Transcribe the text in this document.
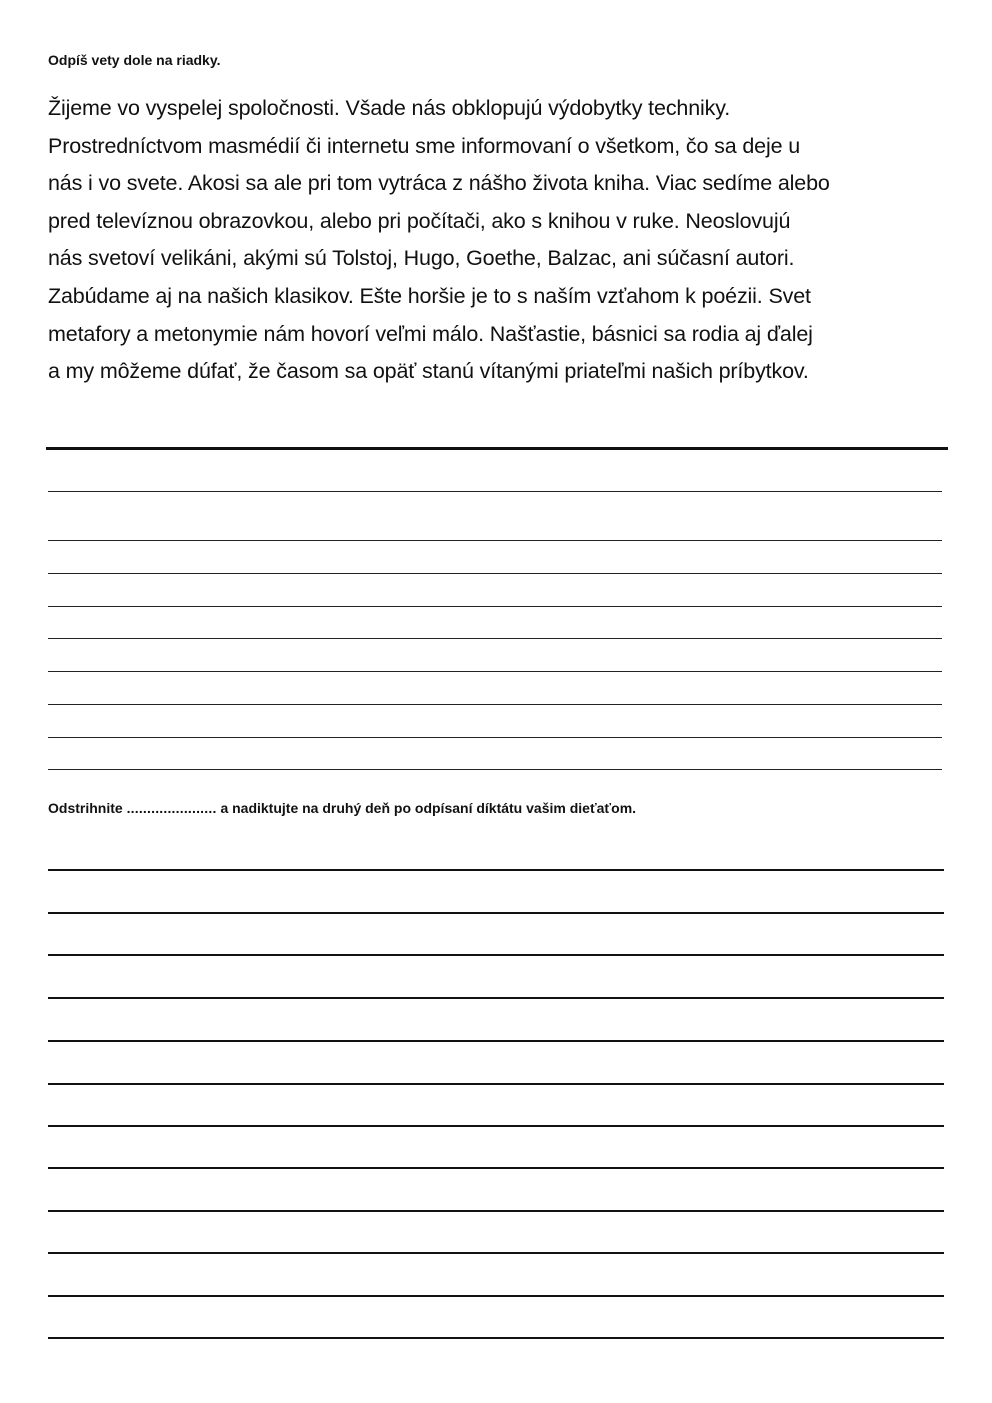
Odpíš vety dole na riadky.
Žijeme vo vyspelej spoločnosti. Všade nás obklopujú výdobytky techniky.
Prostredníctvom masmédií či internetu sme informovaní o všetkom, čo sa deje u
nás i vo svete. Akosi sa ale pri tom vytráca z nášho života kniha. Viac sedíme alebo
pred televíznou obrazovkou, alebo pri počítači, ako s knihou v ruke. Neoslovujú
nás svetoví velikáni, akými sú Tolstoj, Hugo, Goethe, Balzac, ani súčasní autori.
Zabúdame aj na našich klasikov. Ešte horšie je to s naším vzťahom k poézii. Svet
metafory a metonymie nám hovorí veľmi málo. Našťastie, básnici sa rodia aj ďalej
a my môžeme dúfať, že časom sa opäť stanú vítanými priateľmi našich príbytkov.
Odstrihnite ...................... a nadiktujte na druhý deň po odpísaní díktátu vašim dieťaťom.
